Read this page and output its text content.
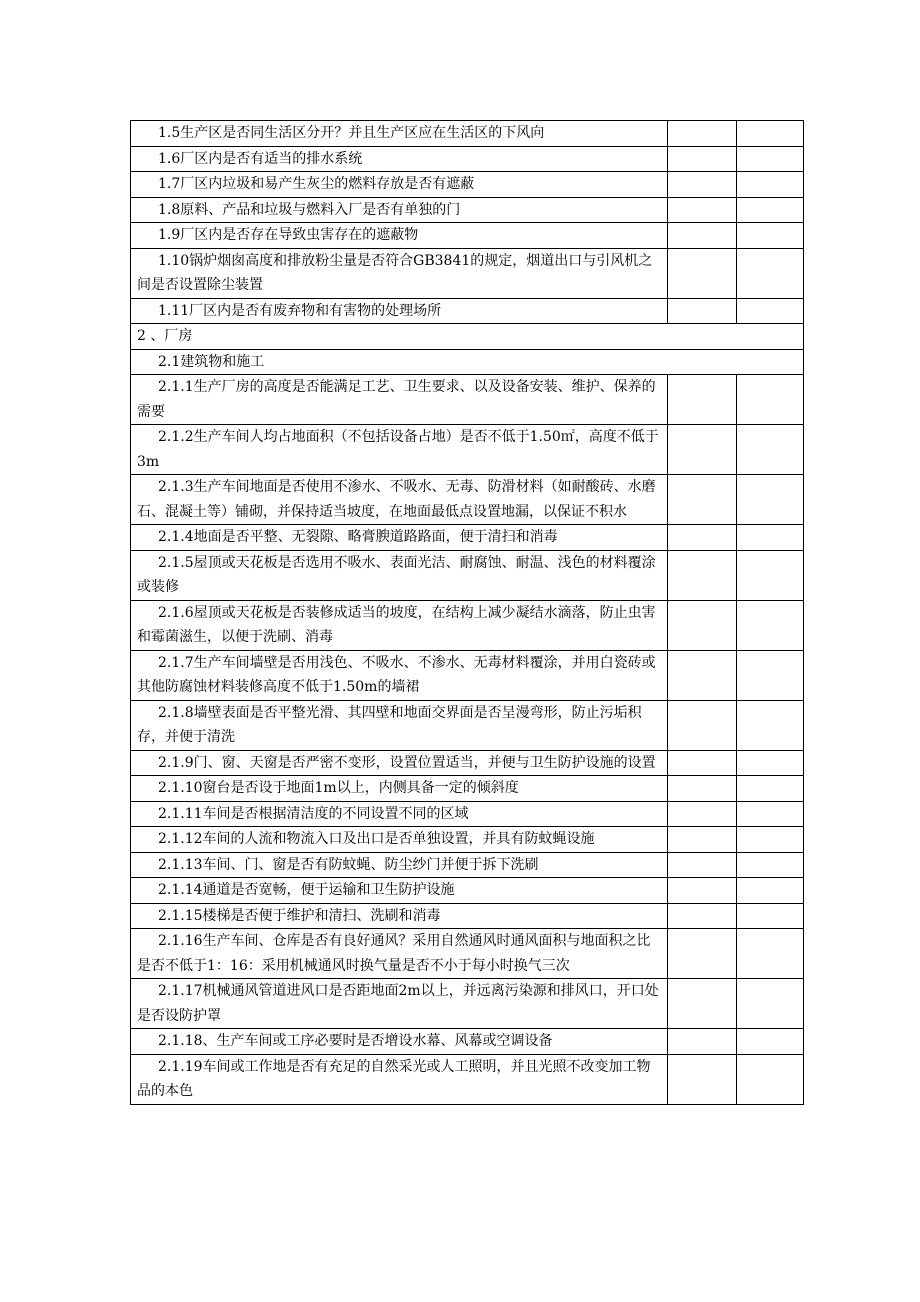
1.5生产区是否同生活区分开？并且生产区应在生活区的下风向		
1.6厂区内是否有适当的排水系统		
1.7厂区内垃圾和易产生灰尘的燃料存放是否有遮蔽		
1.8原料、产品和垃圾与燃料入厂是否有单独的门		
1.9厂区内是否存在导致虫害存在的遮蔽物		
1.10锅炉烟囱高度和排放粉尘量是否符合GB3841的规定，烟道出口与引风机之间是否设置除尘装置		
1.11厂区内是否有废弃物和有害物的处理场所		
2 、厂房		
2.1建筑物和施工		
2.1.1生产厂房的高度是否能满足工艺、卫生要求、以及设备安装、维护、保养的需要		
2.1.2生产车间人均占地面积（不包括设备占地）是否不低于1.50㎡，高度不低于3m		
2.1.3生产车间地面是否使用不渗水、不吸水、无毒、防滑材料（如耐酸砖、水磨石、混凝土等）铺砌，并保持适当坡度，在地面最低点设置地漏，以保证不积水		
2.1.4地面是否平整、无裂隙、略膏腴道路路面，便于清扫和消毒		
2.1.5屋顶或天花板是否选用不吸水、表面光洁、耐腐蚀、耐温、浅色的材料覆涂或装修		
2.1.6屋顶或天花板是否装修成适当的坡度，在结构上减少凝结水滴落，防止虫害和霉菌滋生，以便于洗刷、消毒		
2.1.7生产车间墙壁是否用浅色、不吸水、不渗水、无毒材料覆涂，并用白瓷砖或其他防腐蚀材料装修高度不低于1.50m的墙裙		
2.1.8墙壁表面是否平整光滑、其四壁和地面交界面是否呈漫弯形，防止污垢积存，并便于清洗		
2.1.9门、窗、天窗是否严密不变形，设置位置适当，并便与卫生防护设施的设置		
2.1.10窗台是否设于地面1m以上，内侧具备一定的倾斜度		
2.1.11车间是否根据清洁度的不同设置不同的区域		
2.1.12车间的人流和物流入口及出口是否单独设置，并具有防蚊蝇设施		
2.1.13车间、门、窗是否有防蚊蝇、防尘纱门并便于拆下洗刷		
2.1.14通道是否宽畅，便于运输和卫生防护设施		
2.1.15楼梯是否便于维护和清扫、洗刷和消毒		
2.1.16生产车间、仓库是否有良好通风？采用自然通风时通风面积与地面积之比是否不低于1：16：采用机械通风时换气量是否不小于每小时换气三次		
2.1.17机械通风管道进风口是否距地面2m以上，并远离污染源和排风口，开口处是否设防护罩		
2.1.18、生产车间或工序必要时是否增设水幕、风幕或空调设备		
2.1.19车间或工作地是否有充足的自然采光或人工照明，并且光照不改变加工物品的本色		
